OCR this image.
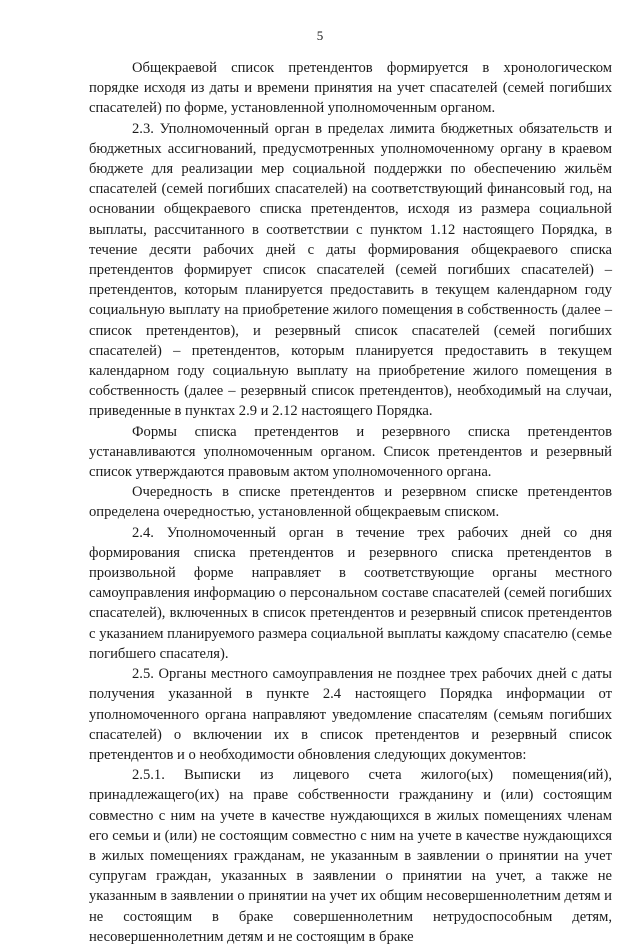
5

Общекраевой список претендентов формируется в хронологическом порядке исходя из даты и времени принятия на учет спасателей (семей погибших спасателей) по форме, установленной уполномоченным органом.

2.3. Уполномоченный орган в пределах лимита бюджетных обязательств и бюджетных ассигнований, предусмотренных уполномоченному органу в краевом бюджете для реализации мер социальной поддержки по обеспечению жильём спасателей (семей погибших спасателей) на соответствующий финансовый год, на основании общекраевого списка претендентов, исходя из размера социальной выплаты, рассчитанного в соответствии с пунктом 1.12 настоящего Порядка, в течение десяти рабочих дней с даты формирования общекраевого списка претендентов формирует список спасателей (семей погибших спасателей) – претендентов, которым планируется предоставить в текущем календарном году социальную выплату на приобретение жилого помещения в собственность (далее – список претендентов), и резервный список спасателей (семей погибших спасателей) – претендентов, которым планируется предоставить в текущем календарном году социальную выплату на приобретение жилого помещения в собственность (далее – резервный список претендентов), необходимый на случаи, приведенные в пунктах 2.9 и 2.12 настоящего Порядка.

Формы списка претендентов и резервного списка претендентов устанавливаются уполномоченным органом. Список претендентов и резервный список утверждаются правовым актом уполномоченного органа.

Очередность в списке претендентов и резервном списке претендентов определена очередностью, установленной общекраевым списком.

2.4. Уполномоченный орган в течение трех рабочих дней со дня формирования списка претендентов и резервного списка претендентов в произвольной форме направляет в соответствующие органы местного самоуправления информацию о персональном составе спасателей (семей погибших спасателей), включенных в список претендентов и резервный список претендентов с указанием планируемого размера социальной выплаты каждому спасателю (семье погибшего спасателя).

2.5. Органы местного самоуправления не позднее трех рабочих дней с даты получения указанной в пункте 2.4 настоящего Порядка информации от уполномоченного органа направляют уведомление спасателям (семьям погибших спасателей) о включении их в список претендентов и резервный список претендентов и о необходимости обновления следующих документов:

2.5.1. Выписки из лицевого счета жилого(ых) помещения(ий), принадлежащего(их) на праве собственности гражданину и (или) состоящим совместно с ним на учете в качестве нуждающихся в жилых помещениях членам его семьи и (или) не состоящим совместно с ним на учете в качестве нуждающихся в жилых помещениях гражданам, не указанным в заявлении о принятии на учет супругам граждан, указанных в заявлении о принятии на учет, а также не указанным в заявлении о принятии на учет их общим несовершеннолетним детям и не состоящим в браке совершеннолетним нетрудоспособным детям, несовершеннолетним детям и не состоящим в браке
